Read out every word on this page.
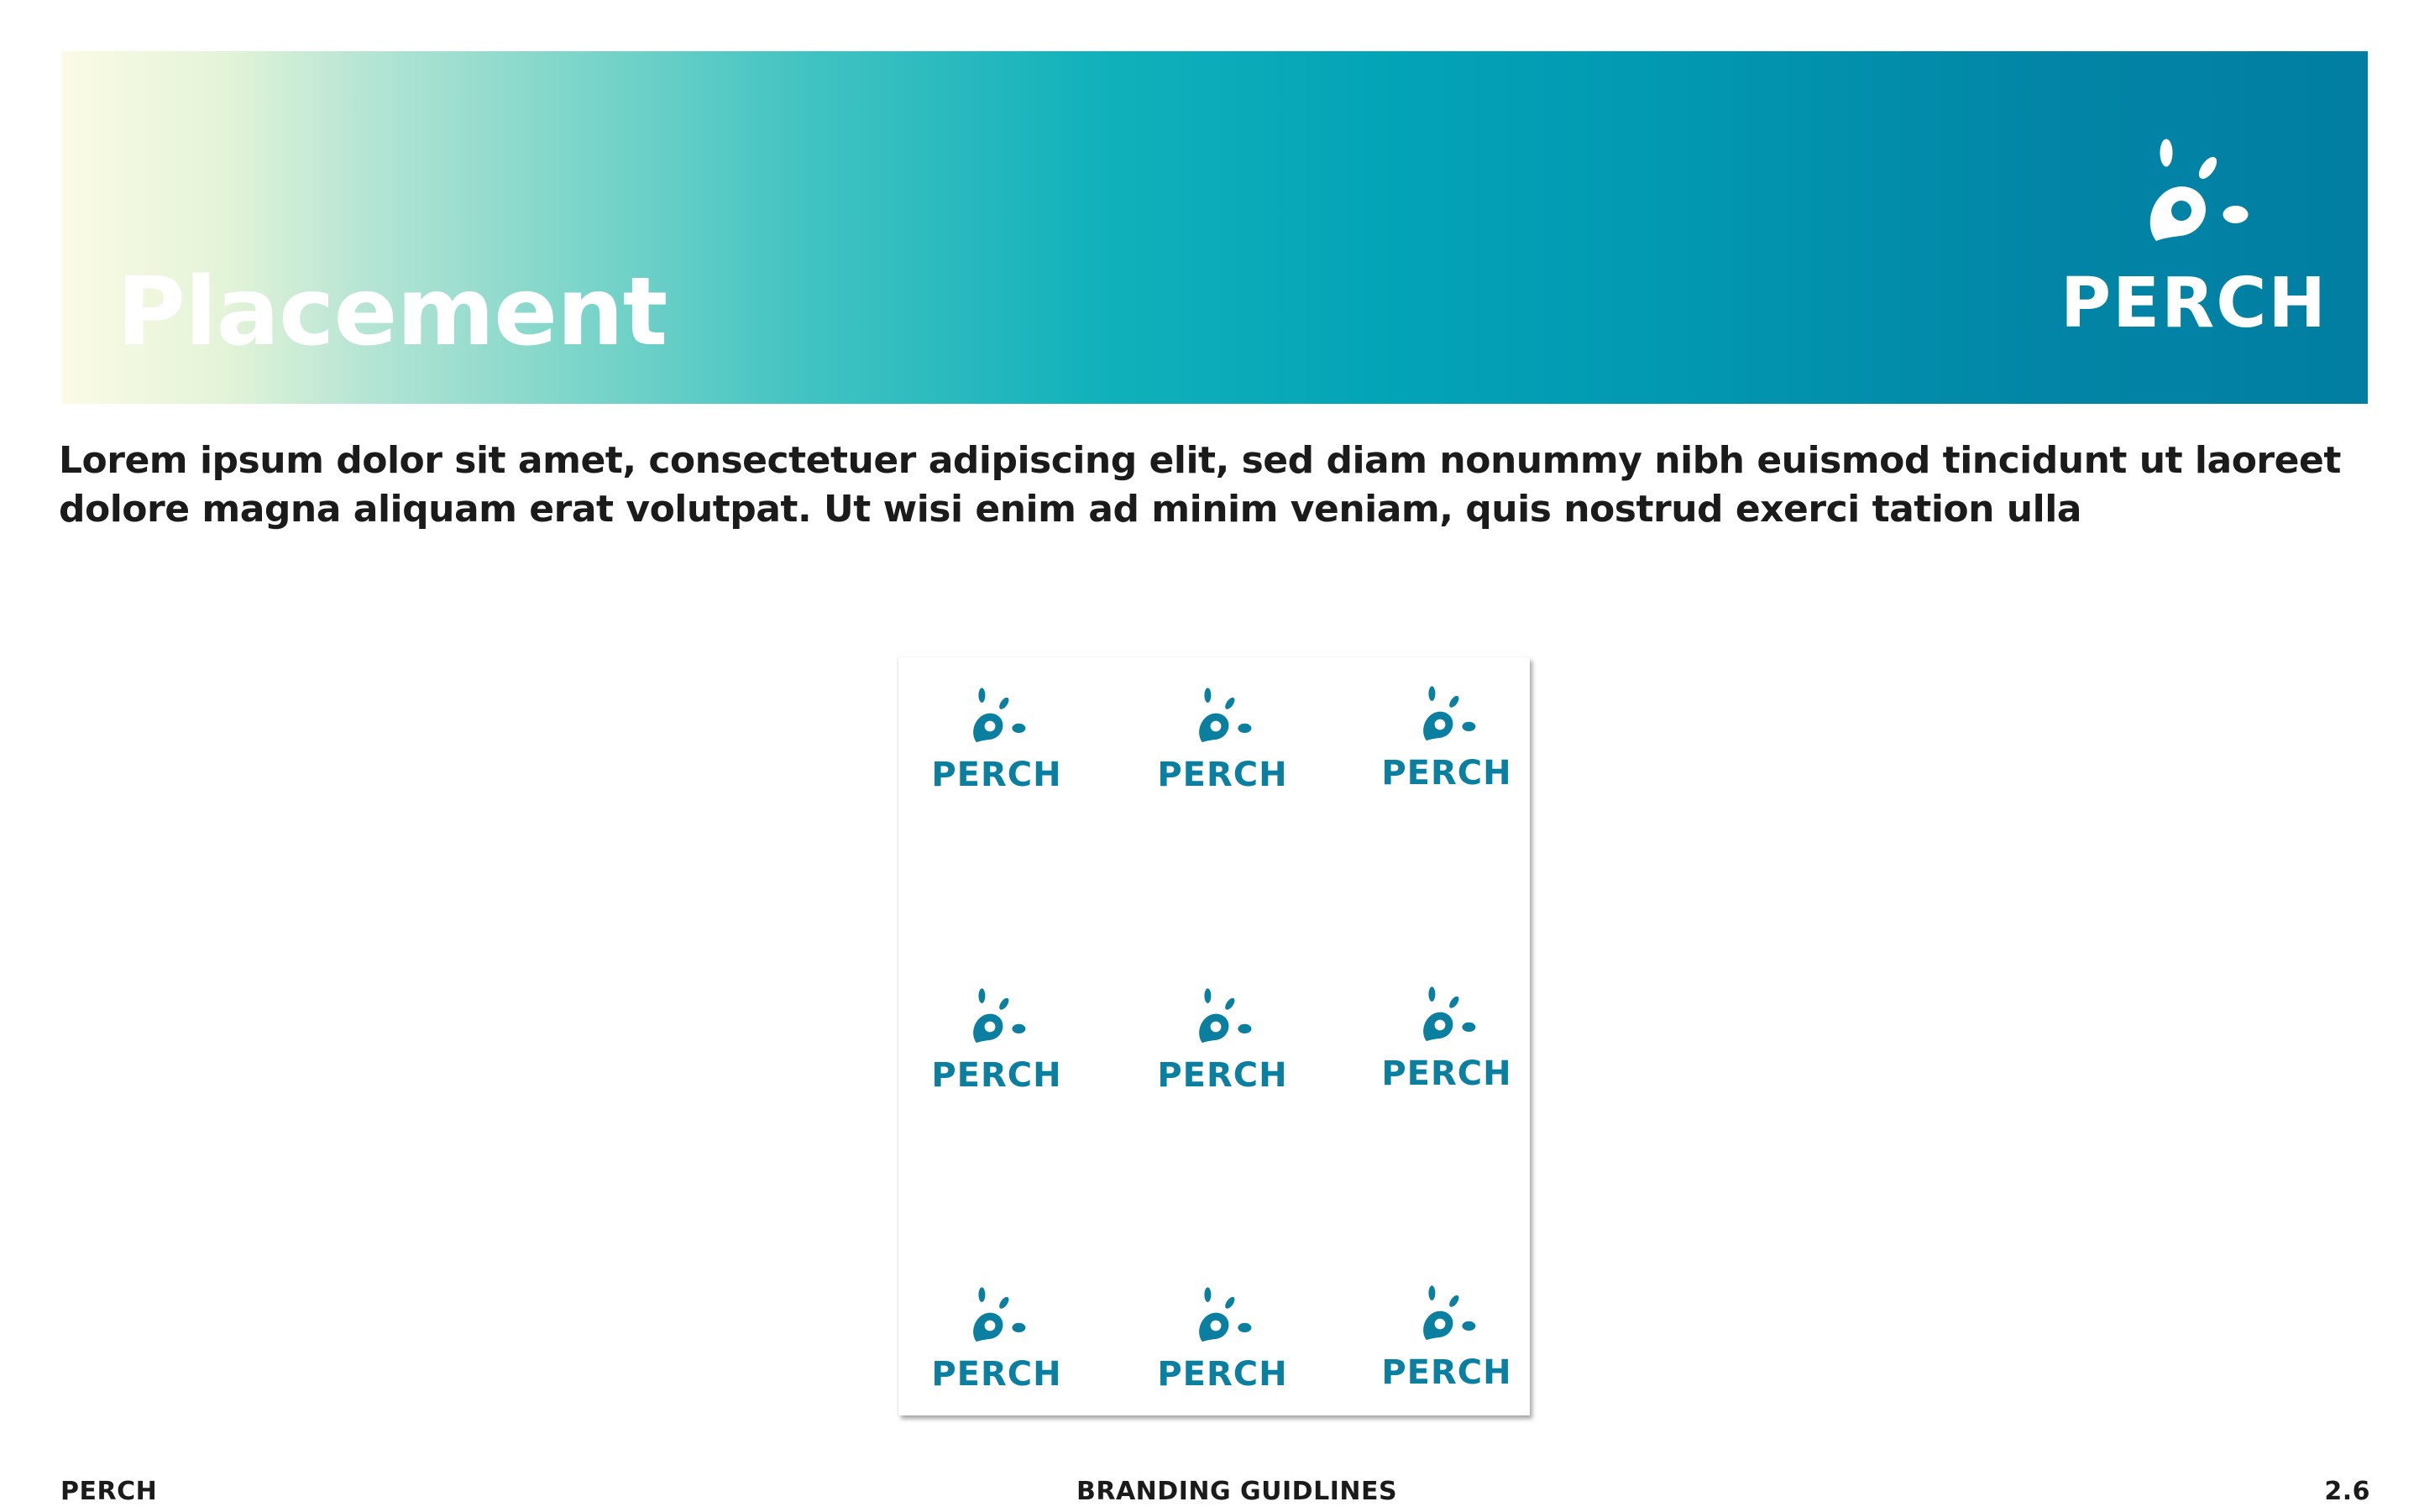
Placement	PERCH

Lorem ipsum dolor sit amet, consectetuer adipiscing elit, sed diam nonummy nibh euismod tincidunt ut laoreet dolore magna aliquam erat volutpat. Ut wisi enim ad minim veniam, quis nostrud exerci tation ulla

PERCH	PERCH	PERCH
PERCH	PERCH	PERCH
PERCH	PERCH	PERCH
PERCH	BRANDING GUIDLINES	2.6
